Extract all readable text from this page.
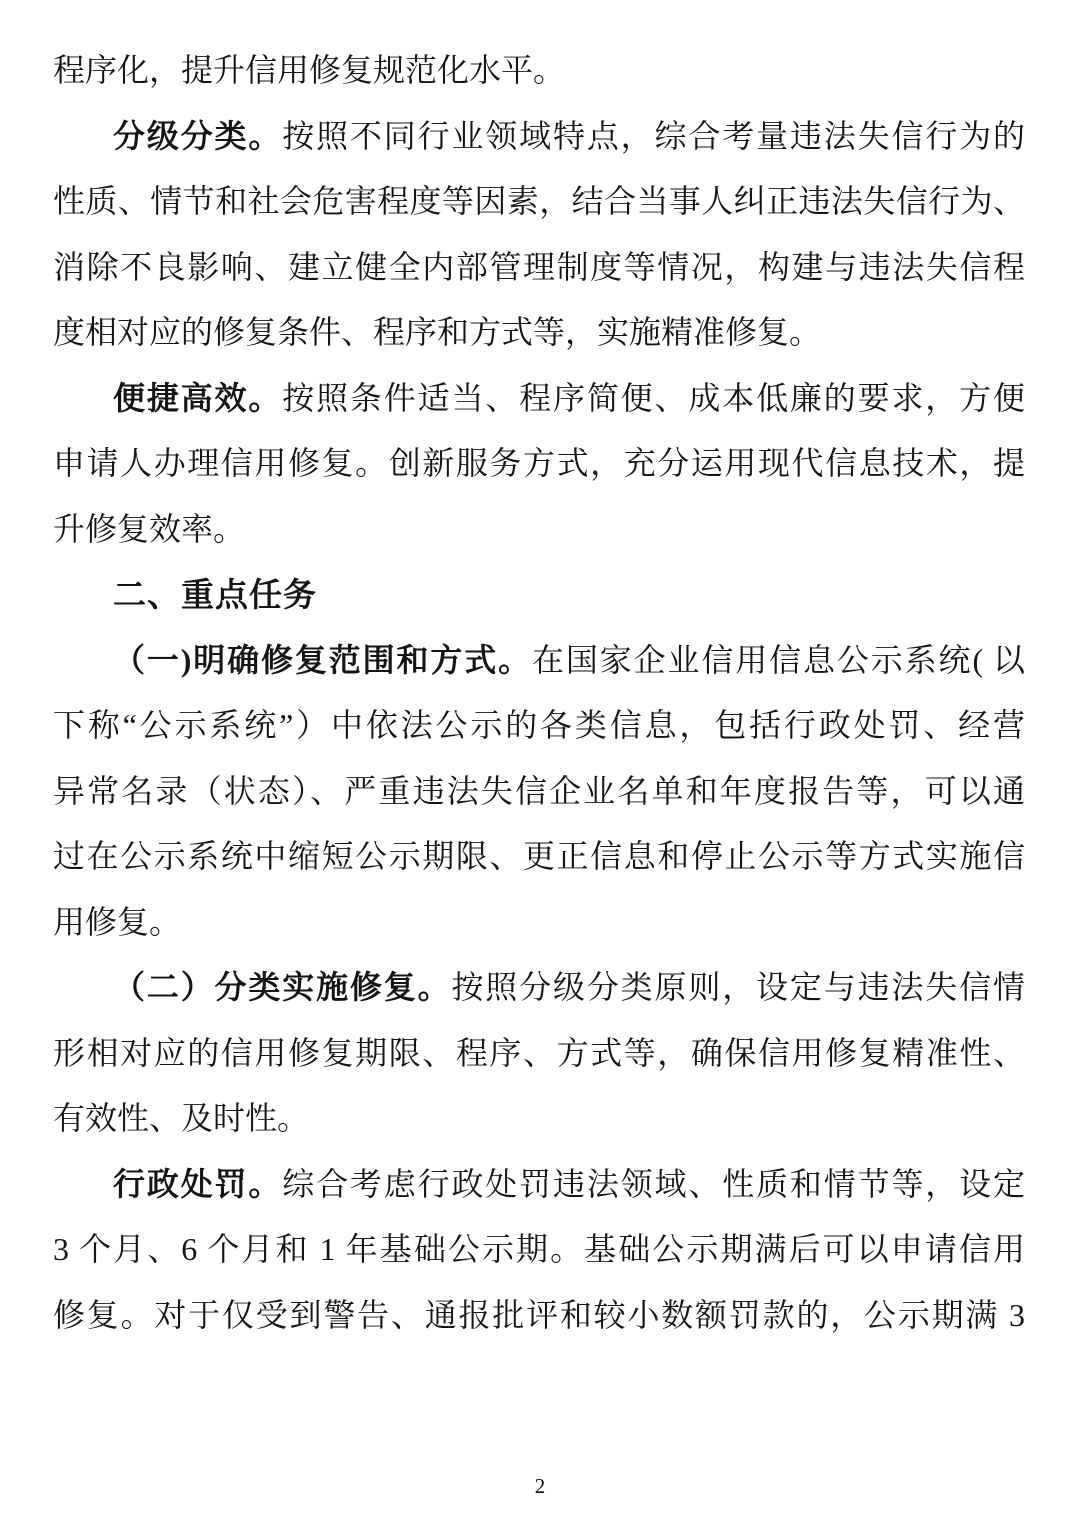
程序化，提升信用修复规范化水平。

分级分类。按照不同行业领域特点，综合考量违法失信行为的

性质、情节和社会危害程度等因素，结合当事人纠正违法失信行为、

消除不良影响、建立健全内部管理制度等情况，构建与违法失信程

度相对应的修复条件、程序和方式等，实施精准修复。

便捷高效。按照条件适当、程序简便、成本低廉的要求，方便

申请人办理信用修复。创新服务方式，充分运用现代信息技术，提

升修复效率。

二、重点任务

（一)明确修复范围和方式。在国家企业信用信息公示系统( 以

下称“公示系统”）中依法公示的各类信息，包括行政处罚、经营

异常名录（状态）、严重违法失信企业名单和年度报告等，可以通

过在公示系统中缩短公示期限、更正信息和停止公示等方式实施信

用修复。

（二）分类实施修复。按照分级分类原则，设定与违法失信情

形相对应的信用修复期限、程序、方式等，确保信用修复精准性、

有效性、及时性。

行政处罚。综合考虑行政处罚违法领域、性质和情节等，设定

3 个月、6 个月和 1 年基础公示期。基础公示期满后可以申请信用

修复。对于仅受到警告、通报批评和较小数额罚款的，公示期满 3

2
